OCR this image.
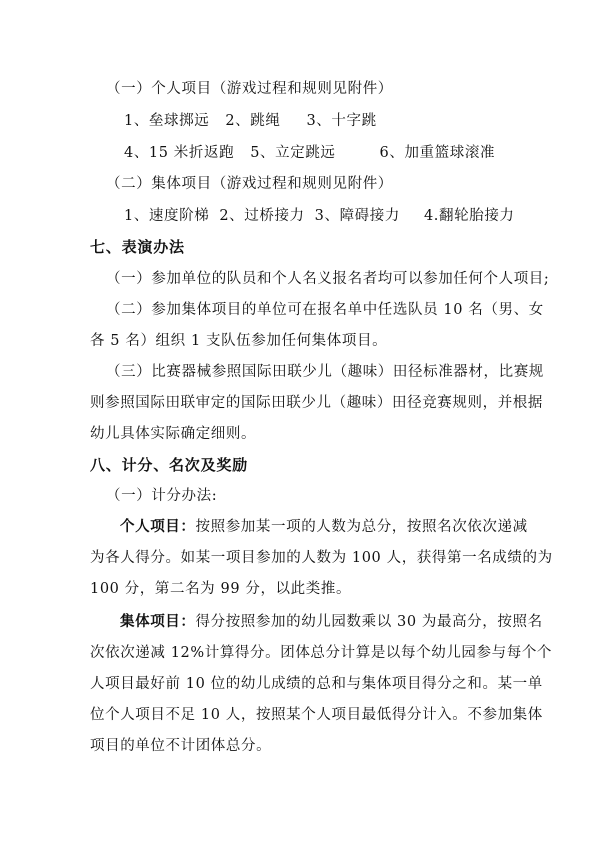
（一）个人项目（游戏过程和规则见附件）
1、垒球掷远 2、跳绳 3、十字跳
4、15 米折返跑 5、立定跳远	6、加重篮球滚准
（二）集体项目（游戏过程和规则见附件）
1、速度阶梯 2、过桥接力 3、障碍接力 4.翻轮胎接力
七、表演办法
（一）参加单位的队员和个人名义报名者均可以参加任何个人项目;
（二）参加集体项目的单位可在报名单中任选队员 10 名（男、女
各 5 名）组织 1 支队伍参加任何集体项目。
（三）比赛器械参照国际田联少儿（趣味）田径标准器材，比赛规
则参照国际田联审定的国际田联少儿（趣味）田径竞赛规则，并根据
幼儿具体实际确定细则。
八、计分、名次及奖励
（一）计分办法:
个人项目：按照参加某一项的人数为总分，按照名次依次递减
为各人得分。如某一项目参加的人数为 100 人，获得第一名成绩的为
100 分，第二名为 99 分，以此类推。
集体项目：得分按照参加的幼儿园数乘以 30 为最高分，按照名
次依次递减 12%计算得分。团体总分计算是以每个幼儿园参与每个个
人项目最好前 10 位的幼儿成绩的总和与集体项目得分之和。某一单
位个人项目不足 10 人，按照某个人项目最低得分计入。不参加集体
项目的单位不计团体总分。
